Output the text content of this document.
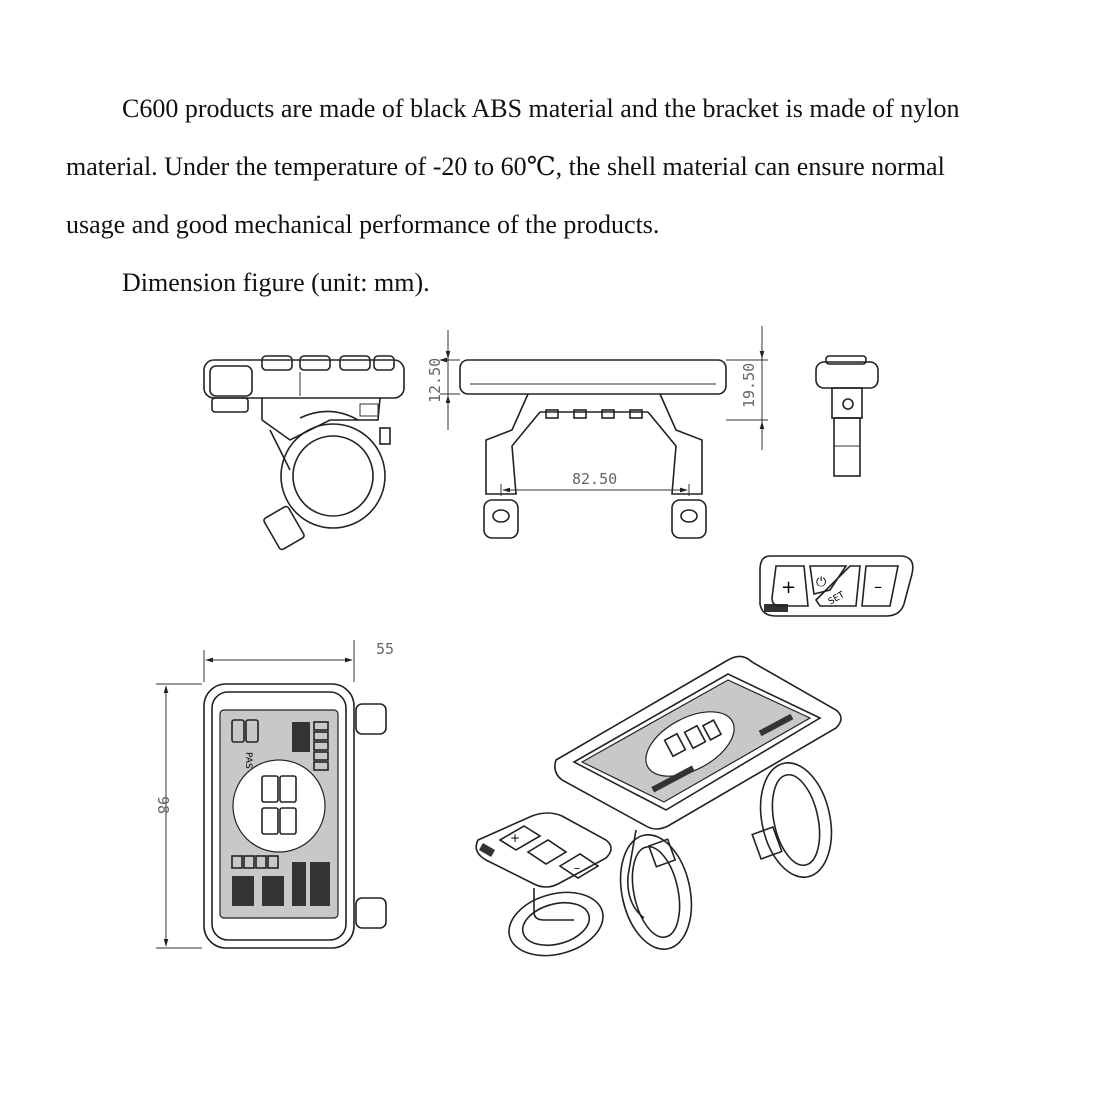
C600 products are made of black ABS material and the bracket is made of nylon
material. Under the temperature of -20 to 60℃, the shell material can ensure normal
usage and good mechanical performance of the products.

Dimension figure (unit: mm).

12.50	19.50
82.50
+ ⏻
SET
–
PAS
55
98
+
–
